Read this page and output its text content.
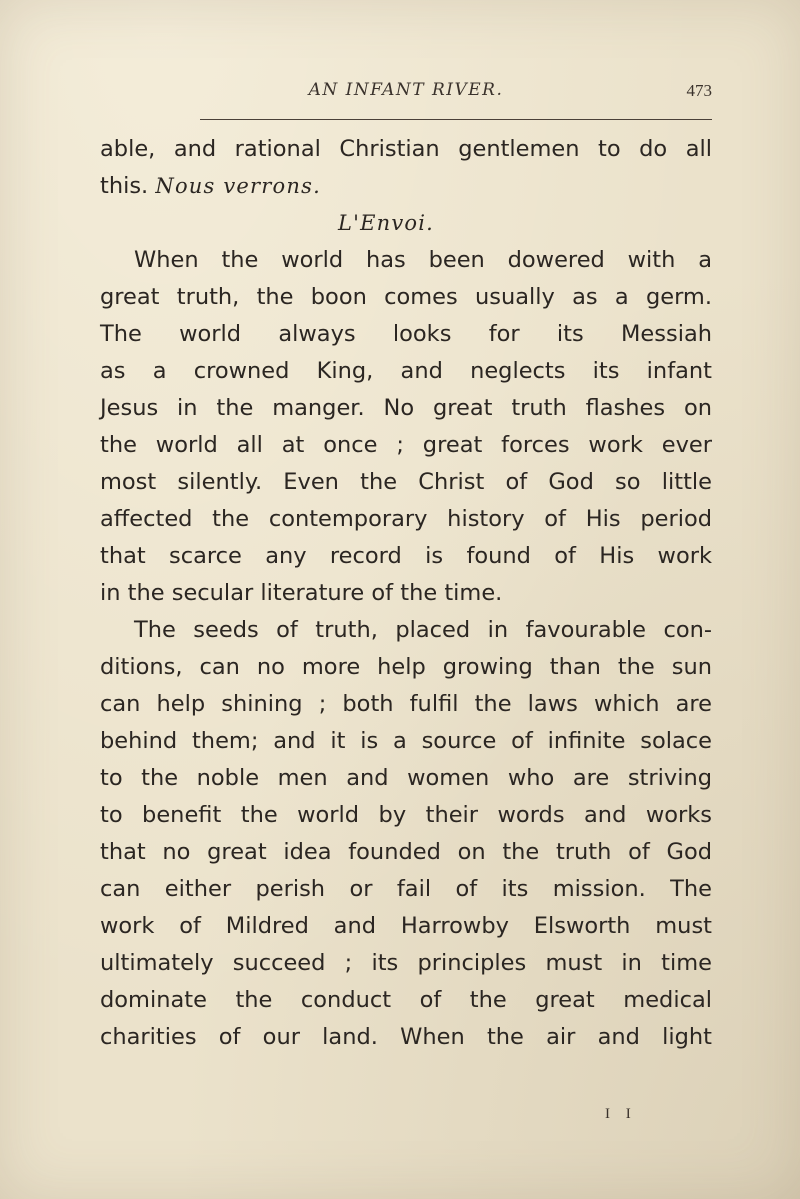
AN INFANT RIVER.	473
able, and rational Christian gentlemen to do all
this. Nous verrons.
L'Envoi.
When the world has been dowered with a
great truth, the boon comes usually as a germ.
The world always looks for its Messiah
as a crowned King, and neglects its infant
Jesus in the manger. No great truth flashes on
the world all at once ; great forces work ever
most silently. Even the Christ of God so little
affected the contemporary history of His period
that scarce any record is found of His work
in the secular literature of the time.
The seeds of truth, placed in favourable con-
ditions, can no more help growing than the sun
can help shining ; both fulfil the laws which are
behind them; and it is a source of infinite solace
to the noble men and women who are striving
to benefit the world by their words and works
that no great idea founded on the truth of God
can either perish or fail of its mission. The
work of Mildred and Harrowby Elsworth must
ultimately succeed ; its principles must in time
dominate the conduct of the great medical
charities of our land. When the air and light
I I
